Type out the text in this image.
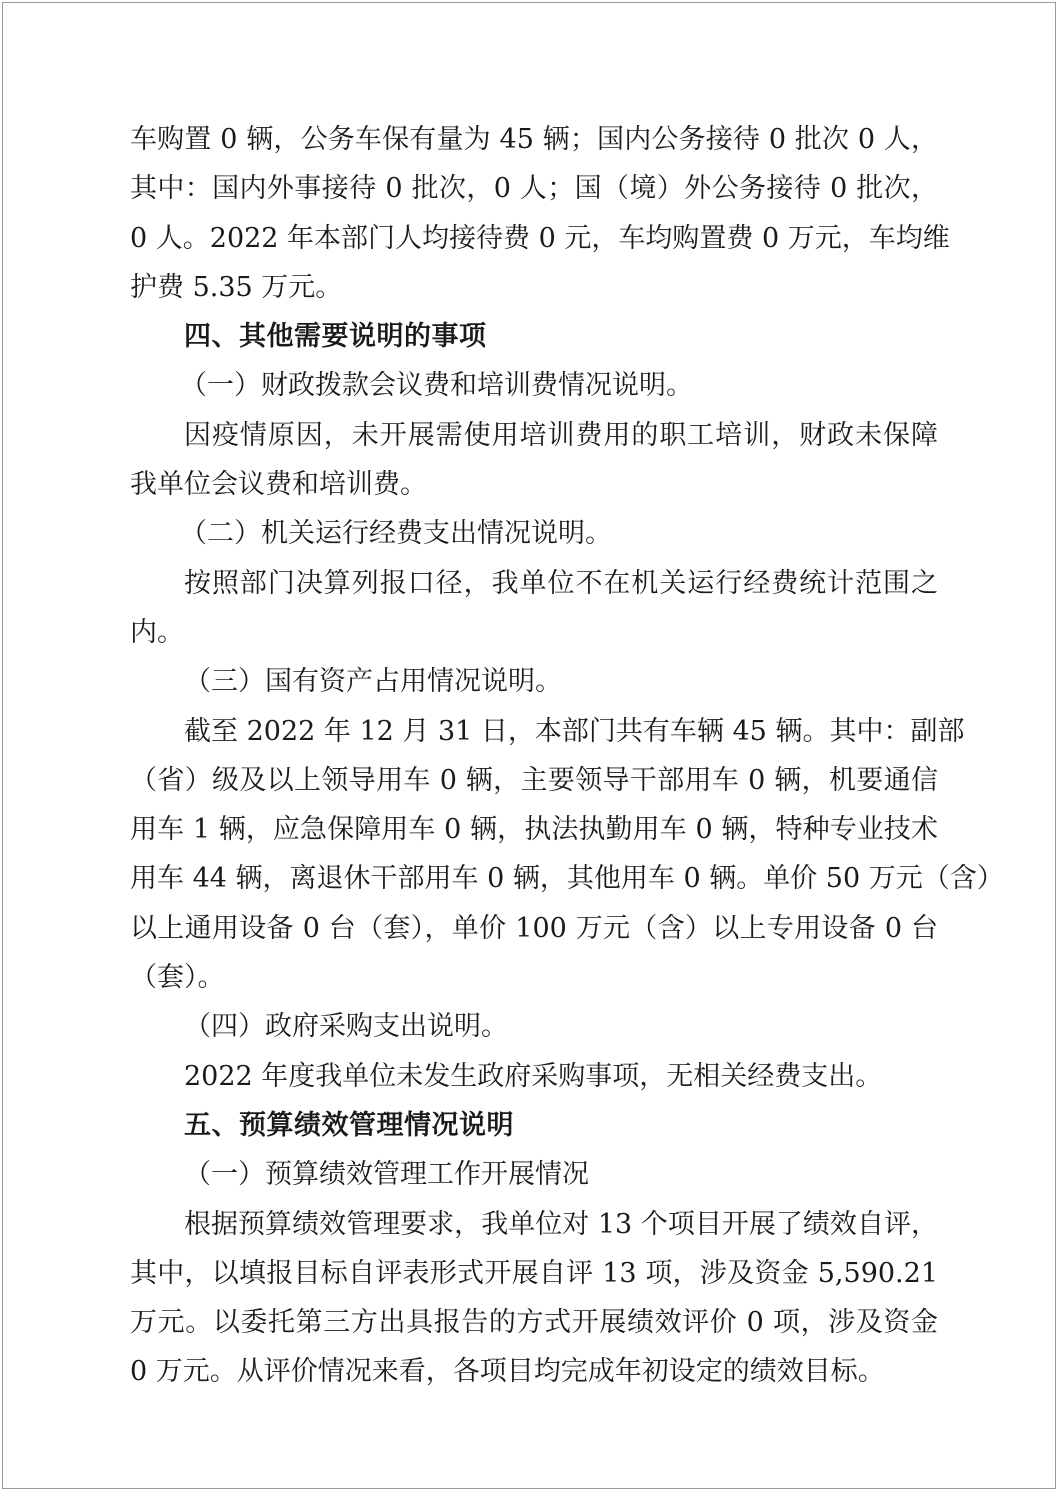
车购置 0 辆，公务车保有量为 45 辆；国内公务接待 0 批次 0 人，
其中：国内外事接待 0 批次，0 人；国（境）外公务接待 0 批次，
0 人。2022 年本部门人均接待费 0 元，车均购置费 0 万元，车均维
护费 5.35 万元。
四、其他需要说明的事项
（一）财政拨款会议费和培训费情况说明。
因疫情原因，未开展需使用培训费用的职工培训，财政未保障
我单位会议费和培训费。
（二）机关运行经费支出情况说明。
按照部门决算列报口径，我单位不在机关运行经费统计范围之
内。
（三）国有资产占用情况说明。
截至 2022 年 12 月 31 日，本部门共有车辆 45 辆。其中：副部
（省）级及以上领导用车 0 辆，主要领导干部用车 0 辆，机要通信
用车 1 辆，应急保障用车 0 辆，执法执勤用车 0 辆，特种专业技术
用车 44 辆，离退休干部用车 0 辆，其他用车 0 辆。单价 50 万元（含）
以上通用设备 0 台（套），单价 100 万元（含）以上专用设备 0 台
（套）。
（四）政府采购支出说明。
2022 年度我单位未发生政府采购事项，无相关经费支出。
五、预算绩效管理情况说明
（一）预算绩效管理工作开展情况
根据预算绩效管理要求，我单位对 13 个项目开展了绩效自评，
其中，以填报目标自评表形式开展自评 13 项，涉及资金 5,590.21
万元。以委托第三方出具报告的方式开展绩效评价 0 项，涉及资金
0 万元。从评价情况来看，各项目均完成年初设定的绩效目标。
